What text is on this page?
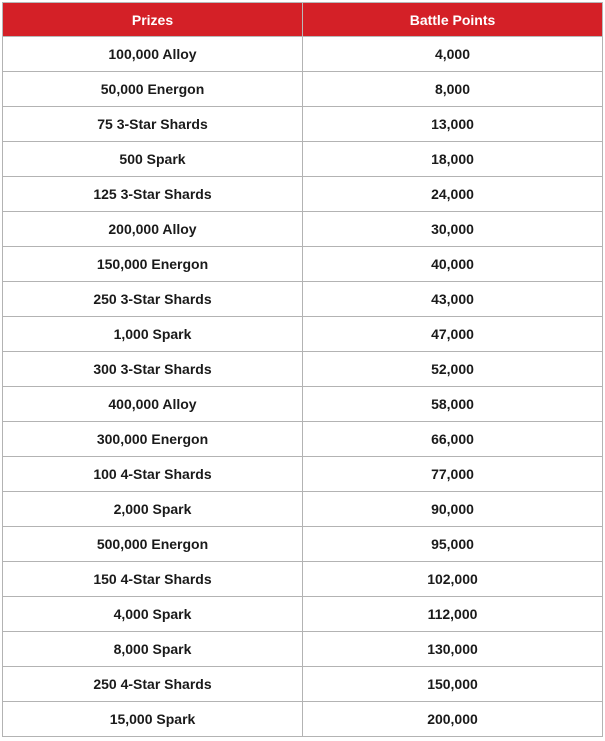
Prizes	Battle Points
100,000 Alloy	4,000
50,000 Energon	8,000
75 3-Star Shards	13,000
500 Spark	18,000
125 3-Star Shards	24,000
200,000 Alloy	30,000
150,000 Energon	40,000
250 3-Star Shards	43,000
1,000 Spark	47,000
300 3-Star Shards	52,000
400,000 Alloy	58,000
300,000 Energon	66,000
100 4-Star Shards	77,000
2,000 Spark	90,000
500,000 Energon	95,000
150 4-Star Shards	102,000
4,000 Spark	112,000
8,000 Spark	130,000
250 4-Star Shards	150,000
15,000 Spark	200,000
